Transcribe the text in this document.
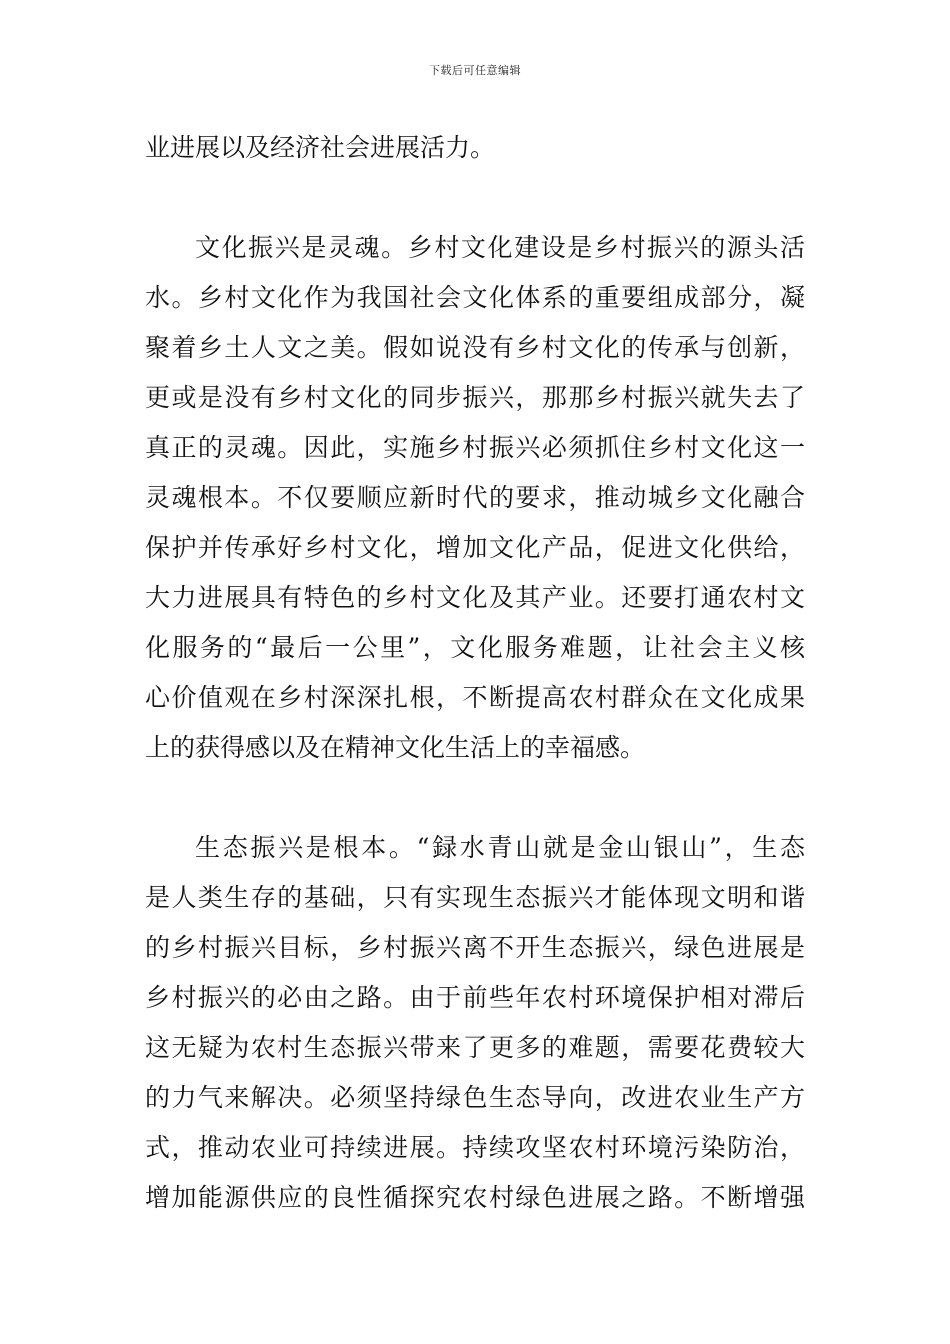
下载后可任意编辑
业进展以及经济社会进展活力。
文化振兴是灵魂。乡村文化建设是乡村振兴的源头活
水。乡村文化作为我国社会文化体系的重要组成部分，凝
聚着乡土人文之美。假如说没有乡村文化的传承与创新，
更或是没有乡村文化的同步振兴，那那乡村振兴就失去了
真正的灵魂。因此，实施乡村振兴必须抓住乡村文化这一
灵魂根本。不仅要顺应新时代的要求，推动城乡文化融合
保护并传承好乡村文化，增加文化产品，促进文化供给，
大力进展具有特色的乡村文化及其产业。还要打通农村文
化服务的“最后一公里”，文化服务难题，让社会主义核
心价值观在乡村深深扎根，不断提高农村群众在文化成果
上的获得感以及在精神文化生活上的幸福感。
生态振兴是根本。“録水青山就是金山银山”，生态
是人类生存的基础，只有实现生态振兴才能体现文明和谐
的乡村振兴目标，乡村振兴离不开生态振兴，绿色进展是
乡村振兴的必由之路。由于前些年农村环境保护相对滞后
这无疑为农村生态振兴带来了更多的难题，需要花费较大
的力气来解决。必须坚持绿色生态导向，改进农业生产方
式，推动农业可持续进展。持续攻坚农村环境污染防治，
增加能源供应的良性循探究农村绿色进展之路。不断增强
